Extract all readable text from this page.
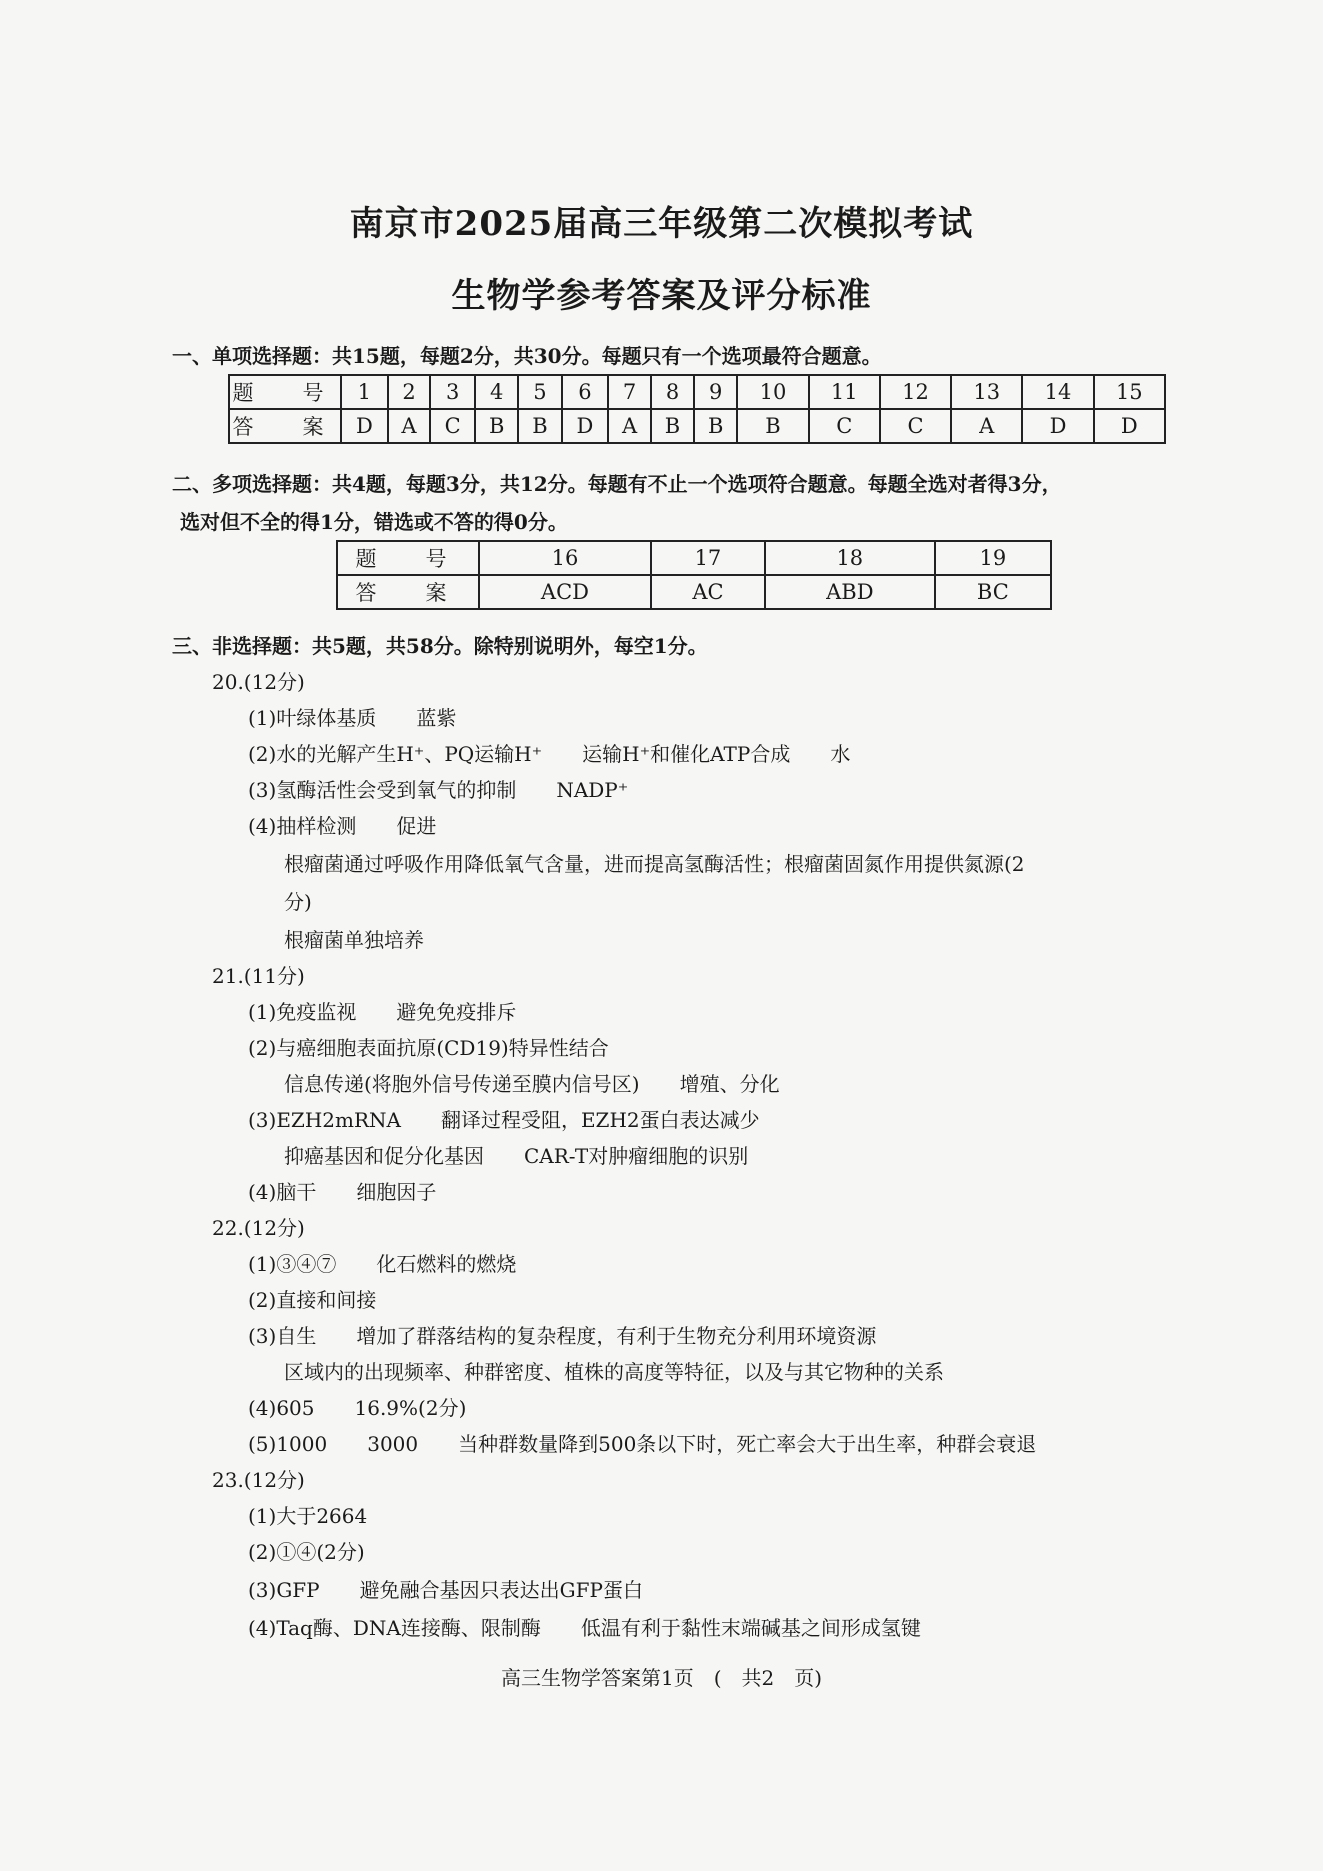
南京市2025届高三年级第二次模拟考试
生物学参考答案及评分标准
一、单项选择题：共15题，每题2分，共30分。每题只有一个选项最符合题意。
题　号	1	2	3	4	5	6	7	8	9	10	11	12	13	14	15
答　案	D	A	C	B	B	D	A	B	B	B	C	C	A	D	D
二、多项选择题：共4题，每题3分，共12分。每题有不止一个选项符合题意。每题全选对者得3分，
选对但不全的得1分，错选或不答的得0分。
题　号	16	17	18	19
答　案	ACD	AC	ABD	BC
三、非选择题：共5题，共58分。除特别说明外，每空1分。
20.(12分)
(1)叶绿体基质　　蓝紫
(2)水的光解产生H⁺、PQ运输H⁺　　运输H⁺和催化ATP合成　　水
(3)氢酶活性会受到氧气的抑制　　NADP⁺
(4)抽样检测　　促进
根瘤菌通过呼吸作用降低氧气含量，进而提高氢酶活性；根瘤菌固氮作用提供氮源(2
分)
根瘤菌单独培养
21.(11分)
(1)免疫监视　　避免免疫排斥
(2)与癌细胞表面抗原(CD19)特异性结合
信息传递(将胞外信号传递至膜内信号区)　　增殖、分化
(3)EZH2mRNA　　翻译过程受阻，EZH2蛋白表达减少
抑癌基因和促分化基因　　CAR-T对肿瘤细胞的识别
(4)脑干　　细胞因子
22.(12分)
(1)③④⑦　　化石燃料的燃烧
(2)直接和间接
(3)自生　　增加了群落结构的复杂程度，有利于生物充分利用环境资源
区域内的出现频率、种群密度、植株的高度等特征，以及与其它物种的关系
(4)605　　16.9%(2分)
(5)1000　　3000　　当种群数量降到500条以下时，死亡率会大于出生率，种群会衰退
23.(12分)
(1)大于2664
(2)①④(2分)
(3)GFP　　避免融合基因只表达出GFP蛋白
(4)Taq酶、DNA连接酶、限制酶　　低温有利于黏性末端碱基之间形成氢键
高三生物学答案第1页　(　共2　页)
